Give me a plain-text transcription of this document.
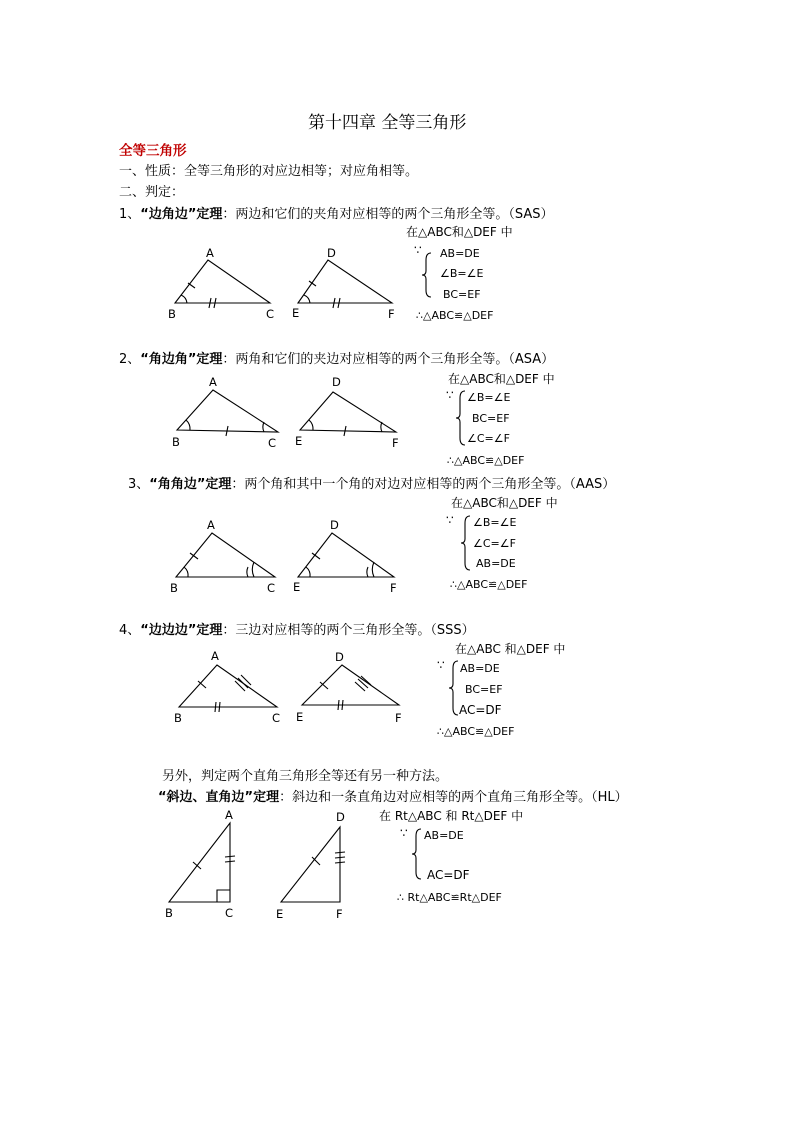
第十四章 全等三角形
全等三角形
一、性质：全等三角形的对应边相等；对应角相等。
二、判定：
1、“边角边”定理：两边和它们的夹角对应相等的两个三角形全等。（SAS）
A
B	C
D
E	F
在△ABC和△DEF 中
∵ AB=DE
∠B=∠E
BC=EF
∴△ABC≌△DEF
2、“角边角”定理：两角和它们的夹边对应相等的两个三角形全等。（ASA）
A
B	C
D
E	F
在△ABC和△DEF 中
∵ ∠B=∠E
BC=EF
∠C=∠F
∴△ABC≌△DEF
3、“角角边”定理：两个角和其中一个角的对边对应相等的两个三角形全等。（AAS）
A
B	C
D
E	F
在△ABC和△DEF 中
∵ ∠B=∠E
∠C=∠F
AB=DE
∴△ABC≌△DEF
4、“边边边”定理：三边对应相等的两个三角形全等。（SSS）
A
B	C
D
E	F
在△ABC 和△DEF 中
∵ AB=DE
BC=EF
AC=DF
∴△ABC≌△DEF
另外，判定两个直角三角形全等还有另一种方法。
“斜边、直角边”定理：斜边和一条直角边对应相等的两个直角三角形全等。（HL）
A
B	C
D
E	F
在 Rt△ABC 和 Rt△DEF 中
∵ AB=DE
AC=DF
∴ Rt△ABC≌Rt△DEF
